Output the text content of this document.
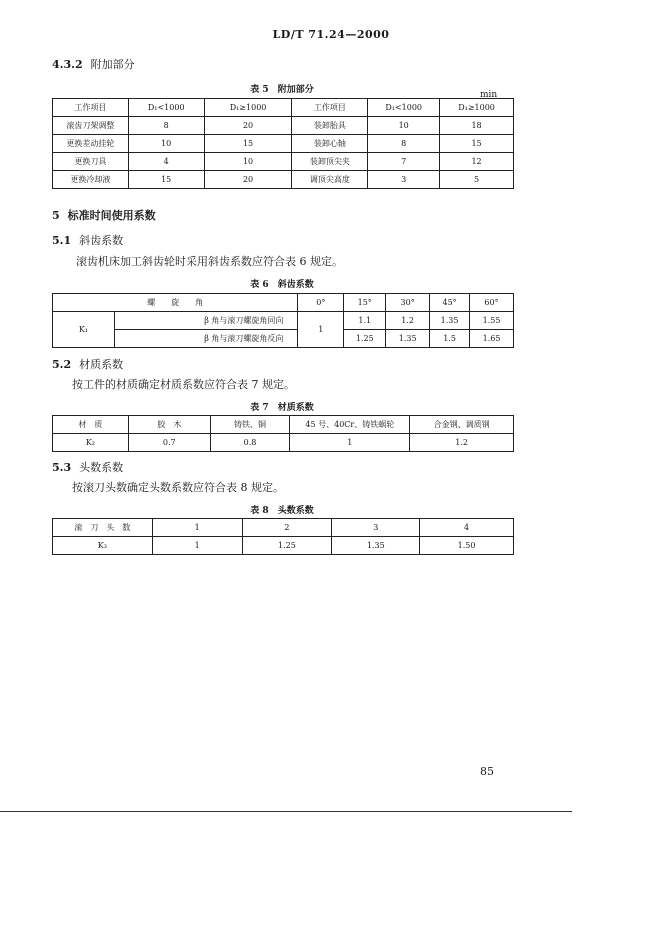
LD/T 71.24—2000
4.3.2 附加部分
表 5　附加部分	min
工作项目	D₁<1000	D₁≥1000	工作项目	D₁<1000	D₁≥1000
滚齿刀架调整	8	20	装卸胎具	10	18
更换差动挂轮	10	15	装卸心轴	8	15
更换刀具	4	10	装卸顶尖夹	7	12
更换冷却液	15	20	调顶尖高度	3	5
5 标准时间使用系数
5.1 斜齿系数
滚齿机床加工斜齿轮时采用斜齿系数应符合表 6 规定。
表 6　斜齿系数
螺　　旋　　角		0°	15°	30°	45°	60°
K₁	β 角与滚刀螺旋角同向	1	1.1	1.2	1.35	1.55
	β 角与滚刀螺旋角反向		1.25	1.35	1.5	1.65
5.2 材质系数
按工件的材质确定材质系数应符合表 7 规定。
表 7　材质系数
材　质	胶　木	铸铁、铜	45 号、40Cr、铸铁蜗轮	合金钢、调质钢
K₂	0.7	0.8	1	1.2
5.3 头数系数
按滚刀头数确定头数系数应符合表 8 规定。
表 8　头数系数
滚　刀　头　数	1	2	3	4
K₃	1	1.25	1.35	1.50
85
